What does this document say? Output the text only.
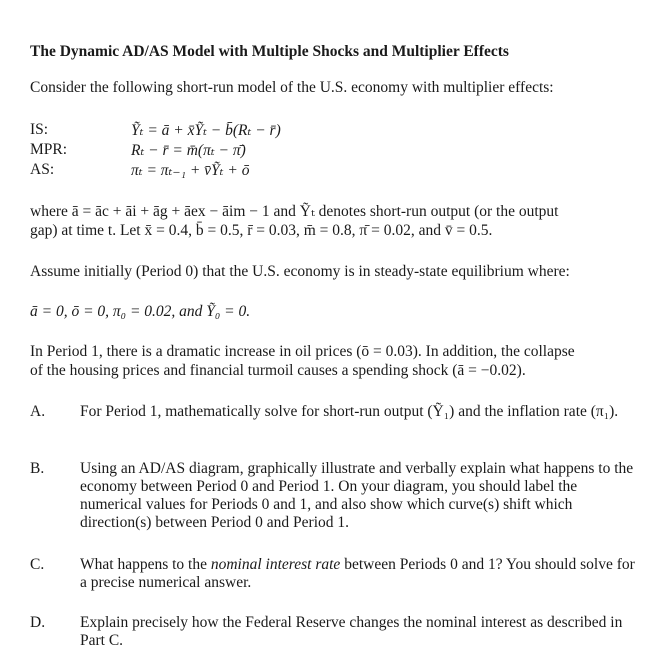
The Dynamic AD/AS Model with Multiple Shocks and Multiplier Effects
Consider the following short-run model of the U.S. economy with multiplier effects:
IS:	Ỹₜ = ā + x̄Ỹₜ − b̄(Rₜ − r̄)
MPR:	Rₜ − r̄ = m̄(πₜ − π̄)
AS:	πₜ = πₜ₋₁ + v̄Ỹₜ + ō
where ā = āc + āi + āg + āex − āim − 1 and Ỹₜ denotes short-run output (or the output
gap) at time t. Let x̄ = 0.4, b̄ = 0.5, r̄ = 0.03, m̄ = 0.8, π̄ = 0.02, and v̄ = 0.5.
Assume initially (Period 0) that the U.S. economy is in steady-state equilibrium where:
ā = 0, ō = 0, π₀ = 0.02, and Ỹ₀ = 0.
In Period 1, there is a dramatic increase in oil prices (ō = 0.03). In addition, the collapse
of the housing prices and financial turmoil causes a spending shock (ā = −0.02).
A. For Period 1, mathematically solve for short-run output (Ỹ₁) and the inflation rate (π₁).
B. Using an AD/AS diagram, graphically illustrate and verbally explain what happens to the economy between Period 0 and Period 1. On your diagram, you should label the numerical values for Periods 0 and 1, and also show which curve(s) shift which direction(s) between Period 0 and Period 1.
C. What happens to the nominal interest rate between Periods 0 and 1? You should solve for a precise numerical answer.
D. Explain precisely how the Federal Reserve changes the nominal interest as described in Part C.
